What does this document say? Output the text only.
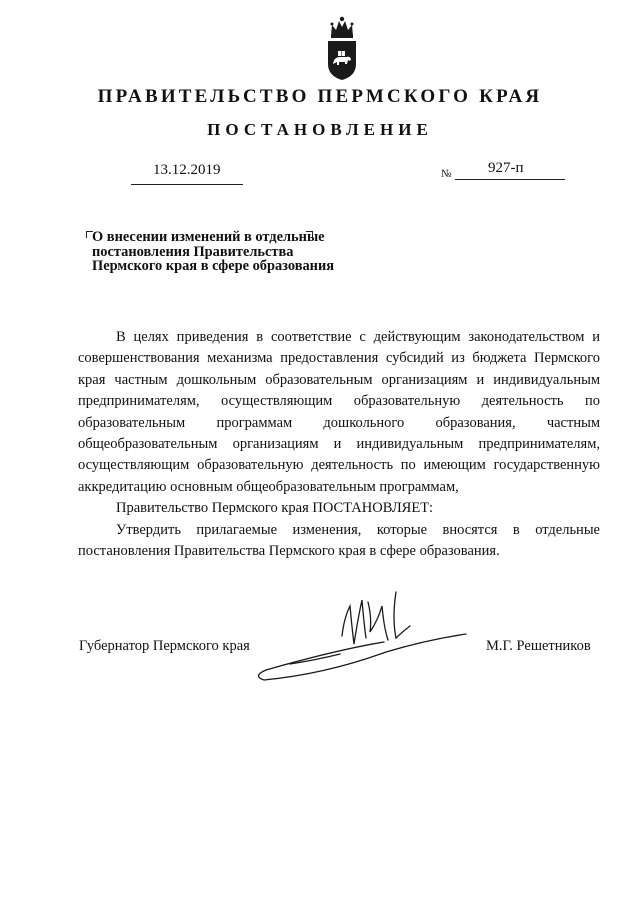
ПРАВИТЕЛЬСТВО ПЕРМСКОГО КРАЯ
ПОСТАНОВЛЕНИЕ
13.12.2019	№ 927-п
О внесении изменений в отдельные
постановления Правительства
Пермского края в сфере образования

В целях приведения в соответствие с действующим законодательством и совершенствования механизма предоставления субсидий из бюджета Пермского края частным дошкольным образовательным организациям и индивидуальным предпринимателям, осуществляющим образовательную деятельность по образовательным программам дошкольного образования, частным общеобразовательным организациям и индивидуальным предпринимателям, осуществляющим образовательную деятельность по имеющим государственную аккредитацию основным общеобразовательным программам,

Правительство Пермского края ПОСТАНОВЛЯЕТ:

Утвердить прилагаемые изменения, которые вносятся в отдельные постановления Правительства Пермского края в сфере образования.

Губернатор Пермского края	М.Г. Решетников
